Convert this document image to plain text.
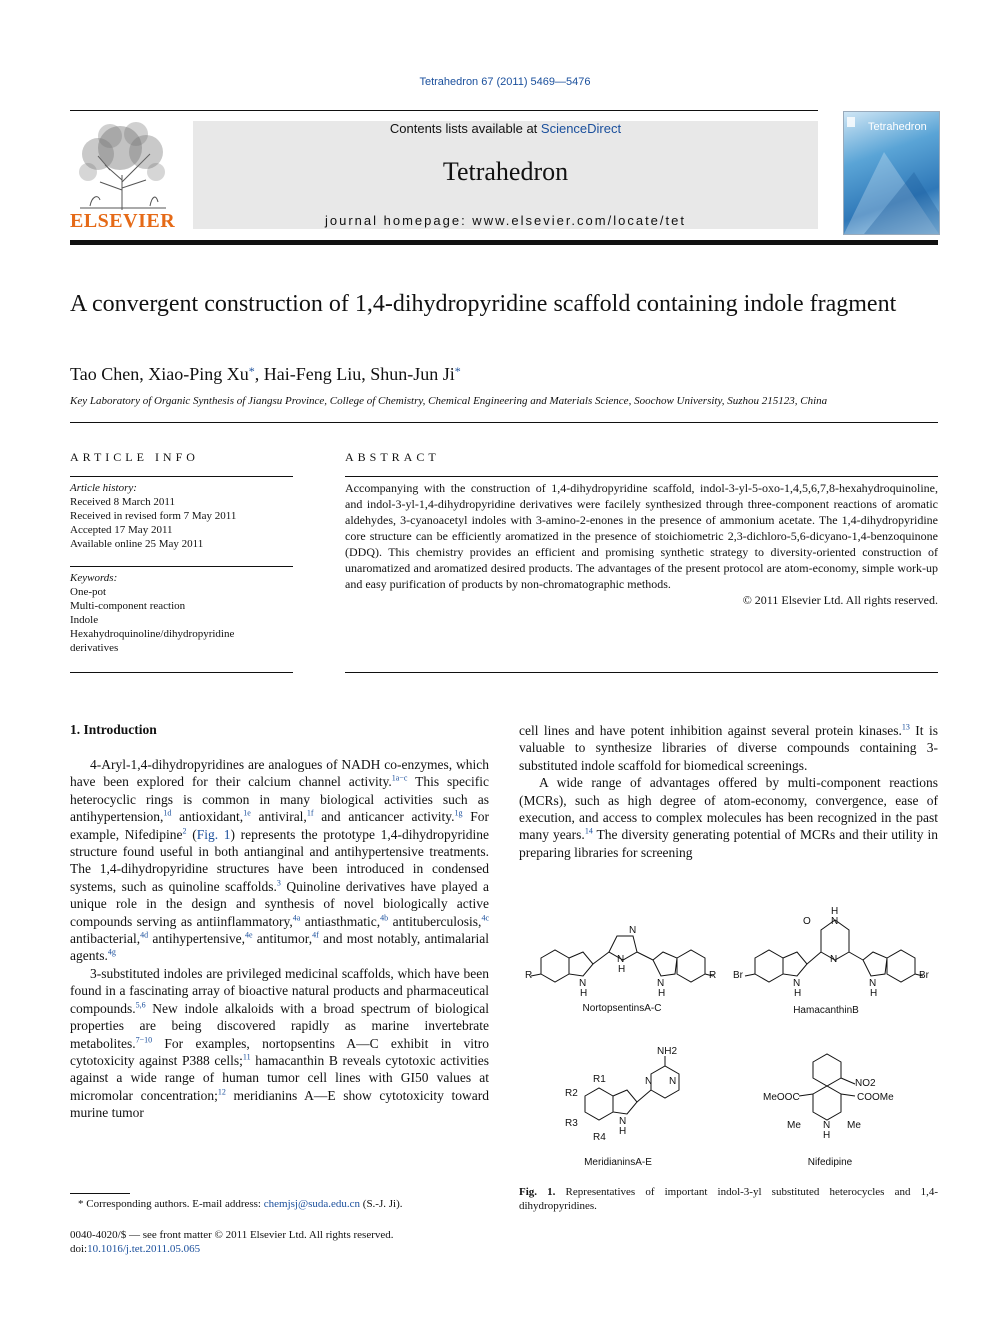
Tetrahedron 67 (2011) 5469—5476
ELSEVIER
Contents lists available at ScienceDirect
Tetrahedron
journal homepage: www.elsevier.com/locate/tet
Tetrahedron
A convergent construction of 1,4-dihydropyridine scaffold containing indole fragment
Tao Chen, Xiao-Ping Xu*, Hai-Feng Liu, Shun-Jun Ji*
Key Laboratory of Organic Synthesis of Jiangsu Province, College of Chemistry, Chemical Engineering and Materials Science, Soochow University, Suzhou 215123, China
ARTICLE INFO
Article history:
Received 8 March 2011
Received in revised form 7 May 2011
Accepted 17 May 2011
Available online 25 May 2011
Keywords:
One-pot
Multi-component reaction
Indole
Hexahydroquinoline/dihydropyridine
derivatives
ABSTRACT
Accompanying with the construction of 1,4-dihydropyridine scaffold, indol-3-yl-5-oxo-1,4,5,6,7,8-hexahydroquinoline, and indol-3-yl-1,4-dihydropyridine derivatives were facilely synthesized through three-component reactions of aromatic aldehydes, 3-cyanoacetyl indoles with 3-amino-2-enones in the presence of ammonium acetate. The 1,4-dihydropyridine core structure can be efficiently aromatized in the presence of stoichiometric 2,3-dichloro-5,6-dicyano-1,4-benzoquinone (DDQ). This chemistry provides an efficient and promising synthetic strategy to diversity-oriented construction of unaromatized and aromatized desired products. The advantages of the present protocol are atom-economy, simple work-up and easy purification of products by non-chromatographic methods.
© 2011 Elsevier Ltd. All rights reserved.
1. Introduction

4-Aryl-1,4-dihydropyridines are analogues of NADH co-enzymes, which have been explored for their calcium channel activity.$^{1a-c}$ This specific heterocyclic rings is common in many biological activities such as antihypertension,$^{1d}$ antioxidant,$^{1e}$ antiviral,$^{1f}$ and anticancer activity.$^{1g}$ For example, Nifedipine$^2$ (Fig. 1) represents the prototype 1,4-dihydropyridine structure found useful in both antianginal and antihypertensive treatments. The 1,4-dihydropyridine structures have been introduced in condensed systems, such as quinoline scaffolds.$^3$ Quinoline derivatives have played a unique role in the design and synthesis of novel biologically active compounds serving as antiinflammatory,$^{4a}$ antiasthmatic,$^{4b}$ antituberculosis,$^{4c}$ antibacterial,$^{4d}$ antihypertensive,$^{4e}$ antitumor,$^{4f}$ and most notably, antimalarial agents.$^{4g}$

3-substituted indoles are privileged medicinal scaffolds, which have been found in a fascinating array of bioactive natural products and pharmaceutical compounds.$^{5,6}$ New indole alkaloids with a broad spectrum of biological properties are being discovered rapidly as marine invertebrate metabolites.$^{7-10}$ For examples, nortopsentins A—C exhibit in vitro cytotoxicity against P388 cells;$^{11}$ hamacanthin B reveals cytotoxic activities against a wide range of human tumor cell lines with GI50 values at micromolar concentration;$^{12}$ meridianins A—E show cytotoxicity toward murine tumor

cell lines and have potent inhibition against several protein kinases.$^{13}$ It is valuable to synthesize libraries of diverse compounds containing 3-substituted indole scaffold for biomedical screenings.

A wide range of advantages offered by multi-component reactions (MCRs), such as high degree of atom-economy, convergence, ease of execution, and access to complex molecules has been recognized in the past many years.$^{14}$ The diversity generating potential of MCRs and their utility in preparing libraries for screening

R	R
N
H
N
H
N
N
H
Br	Br
O
H
N
N
N
H
N
H
NH2
N N
R1
R2
R3
R4
N
H
NO2
MeOOC	COOMe
Me	Me
N
H
NortopsentinsA-C	HamacanthinB
MeridianinsA-E	Nifedipine
Fig. 1. Representatives of important indol-3-yl substituted heterocycles and 1,4-dihydropyridines.
* Corresponding authors. E-mail address: chemjsj@suda.edu.cn (S.-J. Ji).
0040-4020/$ — see front matter © 2011 Elsevier Ltd. All rights reserved.
doi:10.1016/j.tet.2011.05.065
